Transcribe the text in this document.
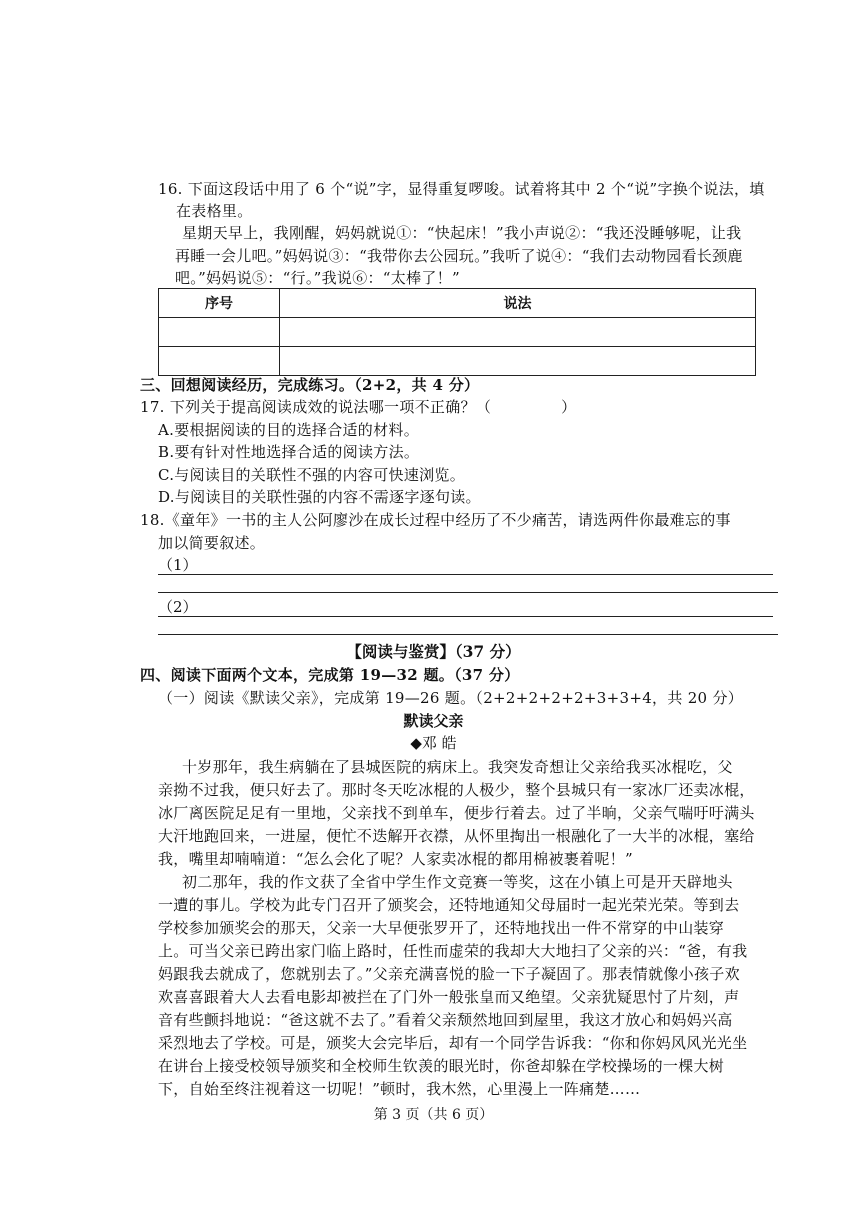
16. 下面这段话中用了 6 个“说”字，显得重复啰唆。试着将其中 2 个“说”字换个说法，填
在表格里。
星期天早上，我刚醒，妈妈就说①：“快起床！”我小声说②：“我还没睡够呢，让我
再睡一会儿吧。”妈妈说③：“我带你去公园玩。”我听了说④：“我们去动物园看长颈鹿
吧。”妈妈说⑤：“行。”我说⑥：“太棒了！”
序号	说法

三、回想阅读经历，完成练习。（2+2，共 4 分）
17. 下列关于提高阅读成效的说法哪一项不正确？（	）
A.要根据阅读的目的选择合适的材料。
B.要有针对性地选择合适的阅读方法。
C.与阅读目的关联性不强的内容可快速浏览。
D.与阅读目的关联性强的内容不需逐字逐句读。
18.《童年》一书的主人公阿廖沙在成长过程中经历了不少痛苦，请选两件你最难忘的事
加以简要叙述。
（1）
（2）
【阅读与鉴赏】（37 分）
四、阅读下面两个文本，完成第 19—32 题。（37 分）
（一）阅读《默读父亲》，完成第 19—26 题。（2+2+2+2+2+3+3+4，共 20 分）
默读父亲
◆邓 皓
十岁那年，我生病躺在了县城医院的病床上。我突发奇想让父亲给我买冰棍吃，父
亲拗不过我，便只好去了。那时冬天吃冰棍的人极少，整个县城只有一家冰厂还卖冰棍，
冰厂离医院足足有一里地，父亲找不到单车，便步行着去。过了半晌，父亲气喘吁吁满头
大汗地跑回来，一进屋，便忙不迭解开衣襟，从怀里掏出一根融化了一大半的冰棍，塞给
我，嘴里却喃喃道：“怎么会化了呢？人家卖冰棍的都用棉被裹着呢！”
初二那年，我的作文获了全省中学生作文竞赛一等奖，这在小镇上可是开天辟地头
一遭的事儿。学校为此专门召开了颁奖会，还特地通知父母届时一起光荣光荣。等到去
学校参加颁奖会的那天，父亲一大早便张罗开了，还特地找出一件不常穿的中山装穿
上。可当父亲已跨出家门临上路时，任性而虚荣的我却大大地扫了父亲的兴：“爸，有我
妈跟我去就成了，您就别去了。”父亲充满喜悦的脸一下子凝固了。那表情就像小孩子欢
欢喜喜跟着大人去看电影却被拦在了门外一般张皇而又绝望。父亲犹疑思忖了片刻，声
音有些颤抖地说：“爸这就不去了。”看着父亲颓然地回到屋里，我这才放心和妈妈兴高
采烈地去了学校。可是，颁奖大会完毕后，却有一个同学告诉我：“你和你妈风风光光坐
在讲台上接受校领导颁奖和全校师生钦羡的眼光时，你爸却躲在学校操场的一棵大树
下，自始至终注视着这一切呢！”顿时，我木然，心里漫上一阵痛楚……
第 3 页（共 6 页）
